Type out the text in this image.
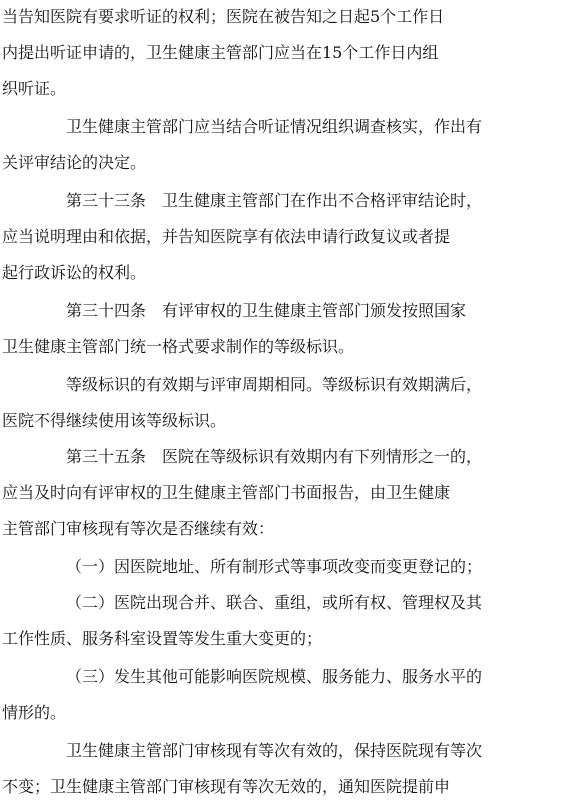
当告知医院有要求听证的权利；医院在被告知之日起5个工作日
内提出听证申请的，卫生健康主管部门应当在15个工作日内组
织听证。
卫生健康主管部门应当结合听证情况组织调查核实，作出有
关评审结论的决定。
第三十三条　卫生健康主管部门在作出不合格评审结论时，
应当说明理由和依据，并告知医院享有依法申请行政复议或者提
起行政诉讼的权利。
第三十四条　有评审权的卫生健康主管部门颁发按照国家
卫生健康主管部门统一格式要求制作的等级标识。
等级标识的有效期与评审周期相同。等级标识有效期满后，
医院不得继续使用该等级标识。
第三十五条　医院在等级标识有效期内有下列情形之一的，
应当及时向有评审权的卫生健康主管部门书面报告，由卫生健康
主管部门审核现有等次是否继续有效：
（一）因医院地址、所有制形式等事项改变而变更登记的；
（二）医院出现合并、联合、重组，或所有权、管理权及其
工作性质、服务科室设置等发生重大变更的；
（三）发生其他可能影响医院规模、服务能力、服务水平的
情形的。
卫生健康主管部门审核现有等次有效的，保持医院现有等次
不变；卫生健康主管部门审核现有等次无效的，通知医院提前申
